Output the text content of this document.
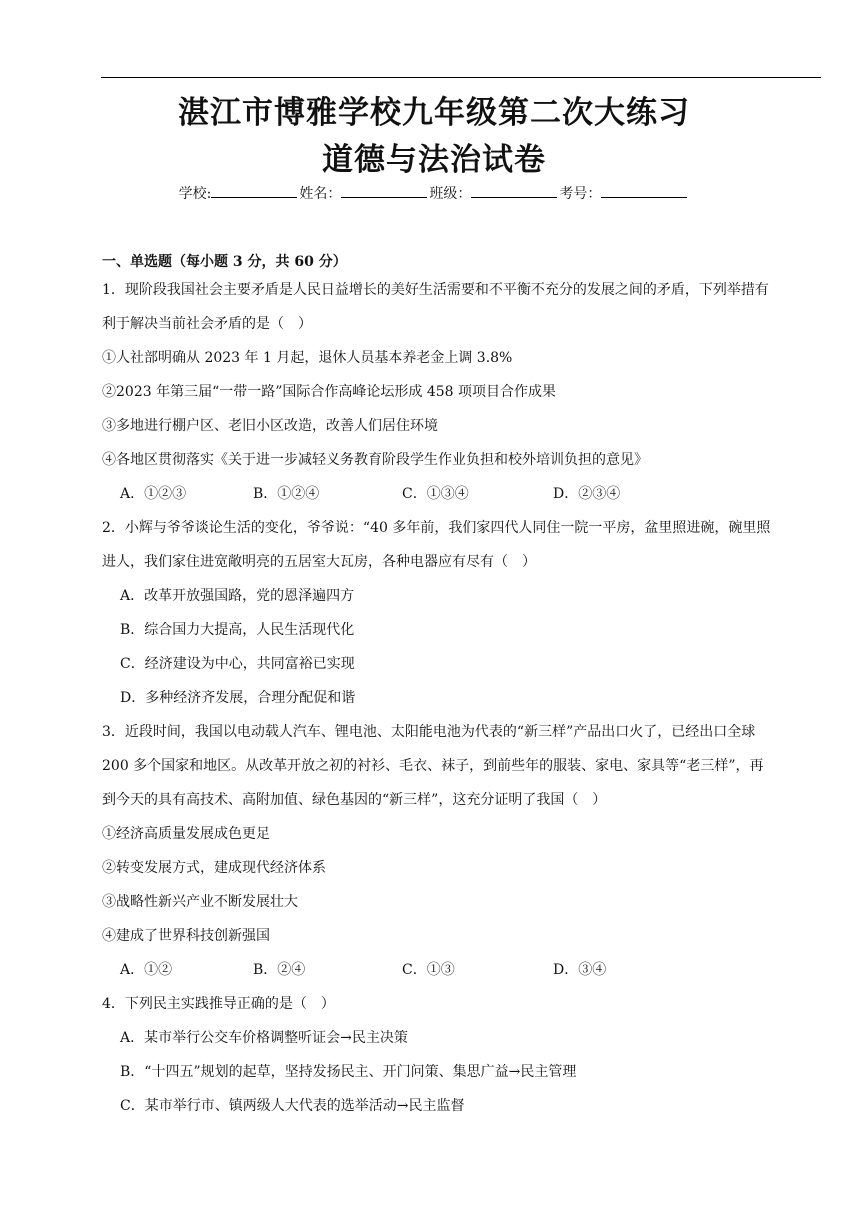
湛江市博雅学校九年级第二次大练习
道德与法治试卷
学校:	姓名：	班级：	考号：
一、单选题（每小题 3 分，共 60 分）
1．现阶段我国社会主要矛盾是人民日益增长的美好生活需要和不平衡不充分的发展之间的矛盾，下列举措有
利于解决当前社会矛盾的是（　）
①人社部明确从 2023 年 1 月起，退休人员基本养老金上调 3.8%
②2023 年第三届“一带一路”国际合作高峰论坛形成 458 项项目合作成果
③多地进行棚户区、老旧小区改造，改善人们居住环境
④各地区贯彻落实《关于进一步减轻义务教育阶段学生作业负担和校外培训负担的意见》
A．①②③	B．①②④	C．①③④	D．②③④
2．小辉与爷爷谈论生活的变化，爷爷说：“40 多年前，我们家四代人同住一院一平房，盆里照进碗，碗里照
进人，我们家住进宽敞明亮的五居室大瓦房，各种电器应有尽有（　）
A．改革开放强国路，党的恩泽遍四方
B．综合国力大提高，人民生活现代化
C．经济建设为中心，共同富裕已实现
D．多种经济齐发展，合理分配促和谐
3．近段时间，我国以电动载人汽车、锂电池、太阳能电池为代表的“新三样”产品出口火了，已经出口全球
200 多个国家和地区。从改革开放之初的衬衫、毛衣、袜子，到前些年的服装、家电、家具等“老三样”，再
到今天的具有高技术、高附加值、绿色基因的“新三样”，这充分证明了我国（　）
①经济高质量发展成色更足
②转变发展方式，建成现代经济体系
③战略性新兴产业不断发展壮大
④建成了世界科技创新强国
A．①②	B．②④	C．①③	D．③④
4．下列民主实践推导正确的是（　）
A．某市举行公交车价格调整听证会→民主决策
B．“十四五”规划的起草，坚持发扬民主、开门问策、集思广益→民主管理
C．某市举行市、镇两级人大代表的选举活动→民主监督
